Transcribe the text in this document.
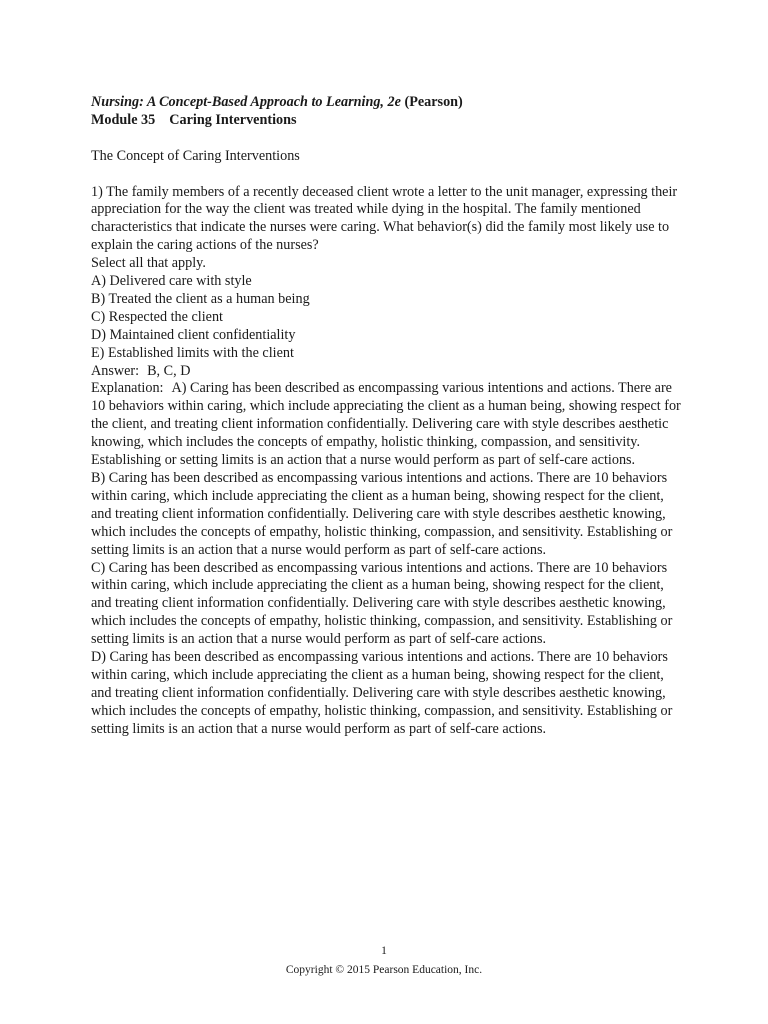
Nursing: A Concept-Based Approach to Learning, 2e (Pearson)
Module 35 Caring Interventions
The Concept of Caring Interventions
1) The family members of a recently deceased client wrote a letter to the unit manager, expressing their appreciation for the way the client was treated while dying in the hospital. The family mentioned characteristics that indicate the nurses were caring. What behavior(s) did the family most likely use to explain the caring actions of the nurses?
Select all that apply.
A) Delivered care with style
B) Treated the client as a human being
C) Respected the client
D) Maintained client confidentiality
E) Established limits with the client
Answer: B, C, D
Explanation: A) Caring has been described as encompassing various intentions and actions. There are 10 behaviors within caring, which include appreciating the client as a human being, showing respect for the client, and treating client information confidentially. Delivering care with style describes aesthetic knowing, which includes the concepts of empathy, holistic thinking, compassion, and sensitivity. Establishing or setting limits is an action that a nurse would perform as part of self-care actions.
B) Caring has been described as encompassing various intentions and actions. There are 10 behaviors within caring, which include appreciating the client as a human being, showing respect for the client, and treating client information confidentially. Delivering care with style describes aesthetic knowing, which includes the concepts of empathy, holistic thinking, compassion, and sensitivity. Establishing or setting limits is an action that a nurse would perform as part of self-care actions.
C) Caring has been described as encompassing various intentions and actions. There are 10 behaviors within caring, which include appreciating the client as a human being, showing respect for the client, and treating client information confidentially. Delivering care with style describes aesthetic knowing, which includes the concepts of empathy, holistic thinking, compassion, and sensitivity. Establishing or setting limits is an action that a nurse would perform as part of self-care actions.
D) Caring has been described as encompassing various intentions and actions. There are 10 behaviors within caring, which include appreciating the client as a human being, showing respect for the client, and treating client information confidentially. Delivering care with style describes aesthetic knowing, which includes the concepts of empathy, holistic thinking, compassion, and sensitivity. Establishing or setting limits is an action that a nurse would perform as part of self-care actions.
1
Copyright © 2015 Pearson Education, Inc.
